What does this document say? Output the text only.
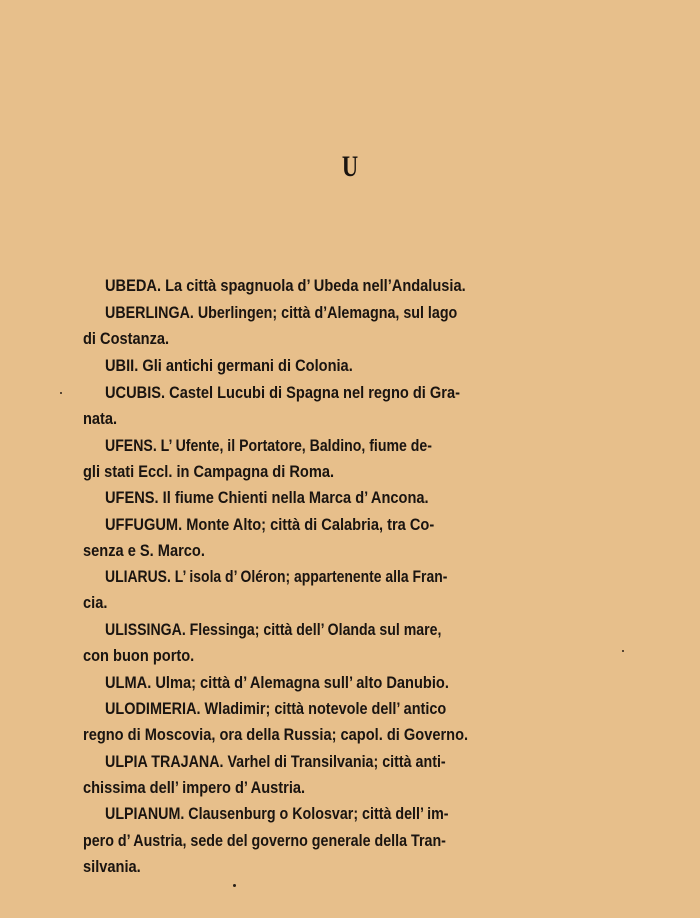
U
UBEDA. La città spagnuola d’ Ubeda nell’Andalusia.
UBERLINGA. Uberlingen; città d’Alemagna, sul lago
di Costanza.
UBII. Gli antichi germani di Colonia.
UCUBIS. Castel Lucubi di Spagna nel regno di Gra-
nata.
UFENS. L’ Ufente, il Portatore, Baldino, fiume de-
gli stati Eccl. in Campagna di Roma.
UFENS. Il fiume Chienti nella Marca d’ Ancona.
UFFUGUM. Monte Alto; città di Calabria, tra Co-
senza e S. Marco.
ULIARUS. L’ isola d’ Oléron; appartenente alla Fran-
cia.
ULISSINGA. Flessinga; città dell’ Olanda sul mare,
con buon porto.
ULMA. Ulma; città d’ Alemagna sull’ alto Danubio.
ULODIMERIA. Wladimir; città notevole dell’ antico
regno di Moscovia, ora della Russia; capol. di Governo.
ULPIA TRAJANA. Varhel di Transilvania; città anti-
chissima dell’ impero d’ Austria.
ULPIANUM. Clausenburg o Kolosvar; città dell’ im-
pero d’ Austria, sede del governo generale della Tran-
silvania.
